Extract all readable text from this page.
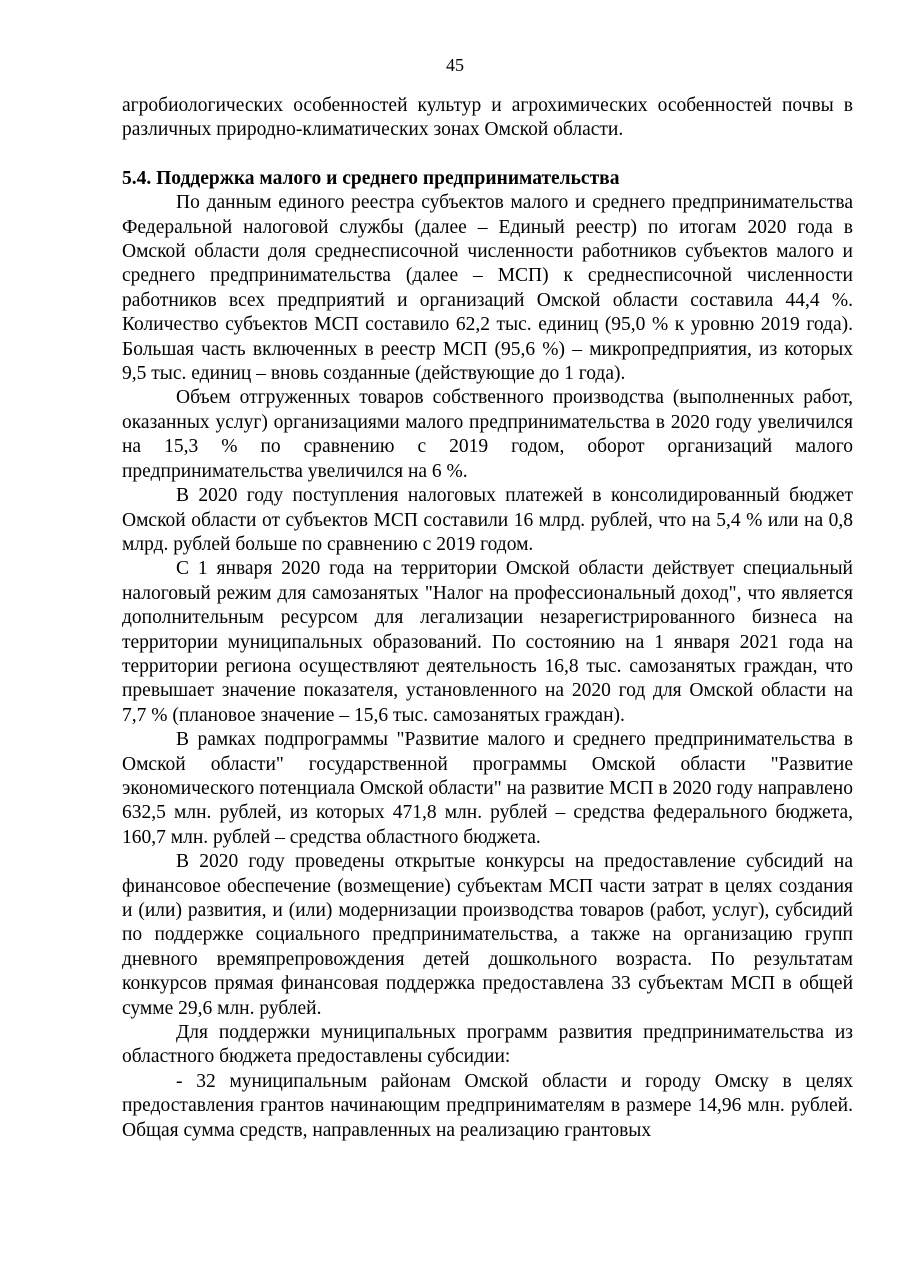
45

агробиологических особенностей культур и агрохимических особенностей почвы в различных природно-климатических зонах Омской области.

5.4. Поддержка малого и среднего предпринимательства

По данным единого реестра субъектов малого и среднего предпринимательства Федеральной налоговой службы (далее – Единый реестр) по итогам 2020 года в Омской области доля среднесписочной численности работников субъектов малого и среднего предпринимательства (далее – МСП) к среднесписочной численности работников всех предприятий и организаций Омской области составила 44,4 %. Количество субъектов МСП составило 62,2 тыс. единиц (95,0 % к уровню 2019 года). Большая часть включенных в реестр МСП (95,6 %) – микропредприятия, из которых 9,5 тыс. единиц – вновь созданные (действующие до 1 года).

Объем отгруженных товаров собственного производства (выполненных работ, оказанных услуг) организациями малого предпринимательства в 2020 году увеличился на 15,3 % по сравнению с 2019 годом, оборот организаций малого предпринимательства увеличился на 6 %.

В 2020 году поступления налоговых платежей в консолидированный бюджет Омской области от субъектов МСП составили 16 млрд. рублей, что на 5,4 % или на 0,8 млрд. рублей больше по сравнению с 2019 годом.

С 1 января 2020 года на территории Омской области действует специальный налоговый режим для самозанятых "Налог на профессиональный доход", что является дополнительным ресурсом для легализации незарегистрированного бизнеса на территории муниципальных образований. По состоянию на 1 января 2021 года на территории региона осуществляют деятельность 16,8 тыс. самозанятых граждан, что превышает значение показателя, установленного на 2020 год для Омской области на 7,7 % (плановое значение – 15,6 тыс. самозанятых граждан).

В рамках подпрограммы "Развитие малого и среднего предпринимательства в Омской области" государственной программы Омской области "Развитие экономического потенциала Омской области" на развитие МСП в 2020 году направлено 632,5 млн. рублей, из которых 471,8 млн. рублей – средства федерального бюджета, 160,7 млн. рублей – средства областного бюджета.

В 2020 году проведены открытые конкурсы на предоставление субсидий на финансовое обеспечение (возмещение) субъектам МСП части затрат в целях создания и (или) развития, и (или) модернизации производства товаров (работ, услуг), субсидий по поддержке социального предпринимательства, а также на организацию групп дневного времяпрепровождения детей дошкольного возраста. По результатам конкурсов прямая финансовая поддержка предоставлена 33 субъектам МСП в общей сумме 29,6 млн. рублей.

Для поддержки муниципальных программ развития предпринимательства из областного бюджета предоставлены субсидии:

- 32 муниципальным районам Омской области и городу Омску в целях предоставления грантов начинающим предпринимателям в размере 14,96 млн. рублей. Общая сумма средств, направленных на реализацию грантовых
